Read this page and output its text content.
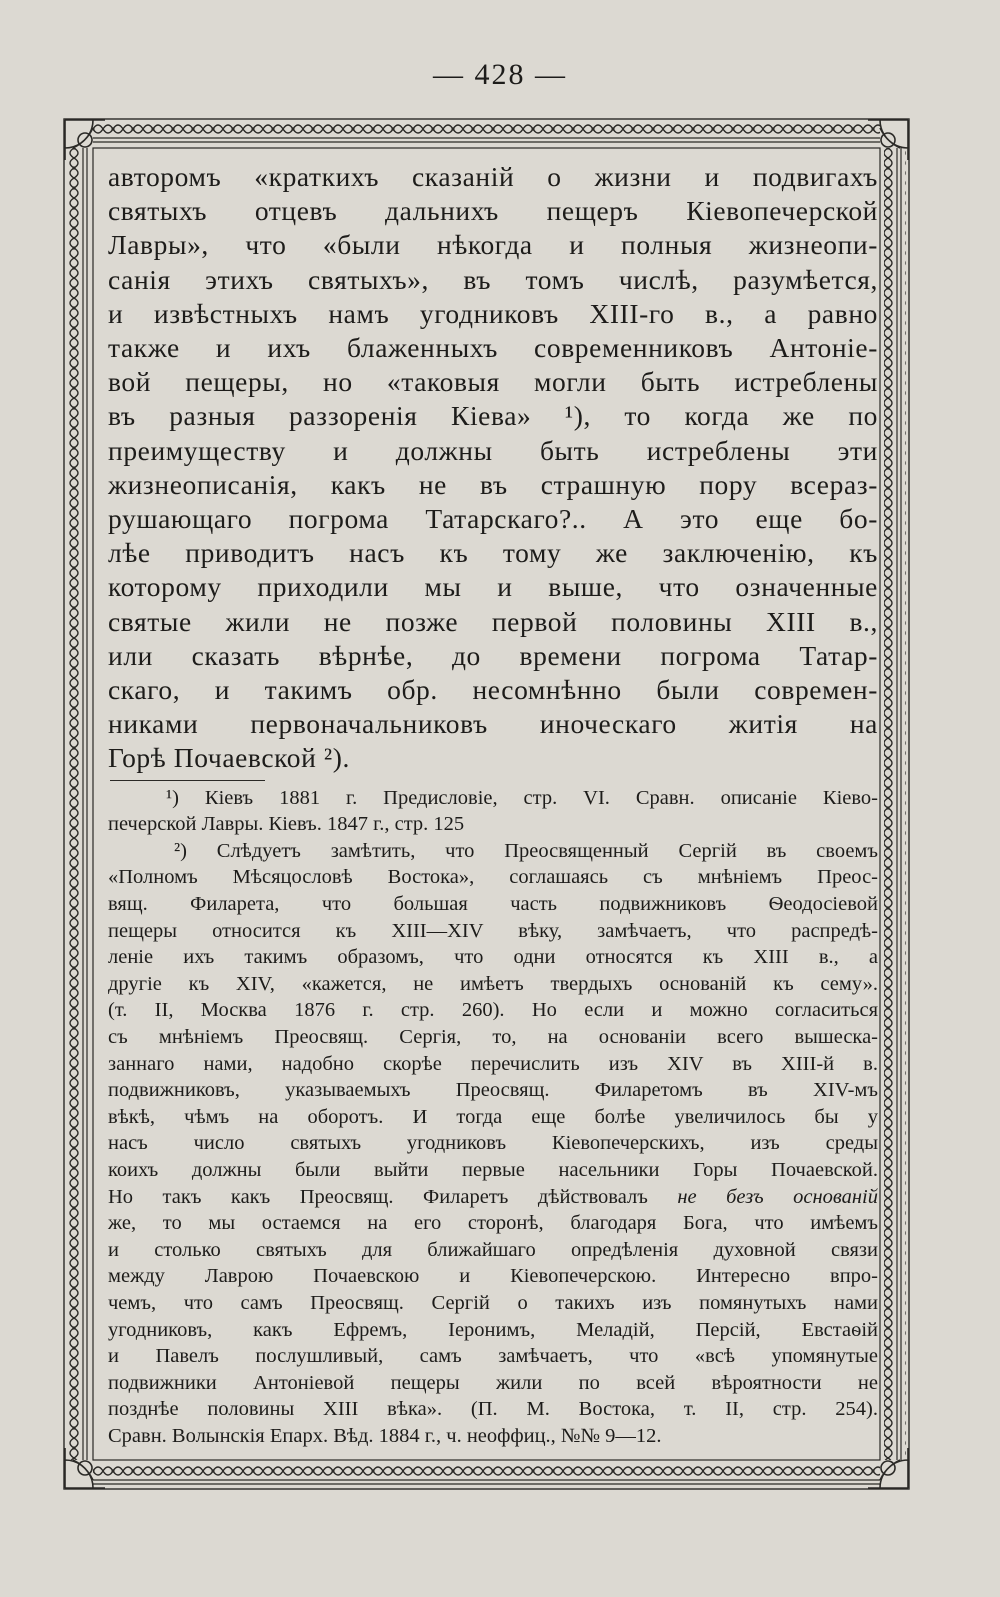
— 428 —
авторомъ «краткихъ сказаній о жизни и подвигахъ
святыхъ отцевъ дальнихъ пещеръ Кіевопечерской
Лавры», что «были нѣкогда и полныя жизнеопи-
санія этихъ святыхъ», въ томъ числѣ, разумѣется,
и извѣстныхъ намъ угодниковъ XIII-го в., а равно
также и ихъ блаженныхъ современниковъ Антоніе-
вой пещеры, но «таковыя могли быть истреблены
въ разныя раззоренія Кіева» ¹), то когда же по
преимуществу и должны быть истреблены эти
жизнеописанія, какъ не въ страшную пору всераз-
рушающаго погрома Татарскаго?.. А это еще бо-
лѣе приводитъ насъ къ тому же заключенію, къ
которому приходили мы и выше, что означенные
святые жили не позже первой половины XIII в.,
или сказать вѣрнѣе, до времени погрома Татар-
скаго, и такимъ обр. несомнѣнно были современ-
никами первоначальниковъ иноческаго житія на
Горѣ Почаевской ²).
¹) Кіевъ 1881 г. Предисловіе, стр. VI. Сравн. описаніе Кіево-
печерской Лавры. Кіевъ. 1847 г., стр. 125
²) Слѣдуетъ замѣтить, что Преосвященный Сергій въ своемъ
«Полномъ Мѣсяцословѣ Востока», соглашаясь съ мнѣніемъ Преос-
вящ. Филарета, что большая часть подвижниковъ Ѳеодосіевой
пещеры относится къ XIII—XIV вѣку, замѣчаетъ, что распредѣ-
леніе ихъ такимъ образомъ, что одни относятся къ XIII в., а
другіе къ XIV, «кажется, не имѣетъ твердыхъ основаній къ сему».
(т. II, Москва 1876 г. стр. 260). Но если и можно согласиться
съ мнѣніемъ Преосвящ. Сергія, то, на основаніи всего вышеска-
заннаго нами, надобно скорѣе перечислить изъ XIV въ XIII-й в.
подвижниковъ, указываемыхъ Преосвящ. Филаретомъ въ XIV-мъ
вѣкѣ, чѣмъ на оборотъ. И тогда еще болѣе увеличилось бы у
насъ число святыхъ угодниковъ Кіевопечерскихъ, изъ среды
коихъ должны были выйти первые насельники Горы Почаевской.
Но такъ какъ Преосвящ. Филаретъ дѣйствовалъ не безъ основаній
же, то мы остаемся на его сторонѣ, благодаря Бога, что имѣемъ
и столько святыхъ для ближайшаго опредѣленія духовной связи
между Лаврою Почаевскою и Кіевопечерскою. Интересно впро-
чемъ, что самъ Преосвящ. Сергій о такихъ изъ помянутыхъ нами
угодниковъ, какъ Ефремъ, Іеронимъ, Меладій, Персій, Евстаѳій
и Павелъ послушливый, самъ замѣчаетъ, что «всѣ упомянутые
подвижники Антоніевой пещеры жили по всей вѣроятности не
позднѣе половины XIII вѣка». (П. М. Востока, т. II, стр. 254).
Сравн. Волынскія Епарх. Вѣд. 1884 г., ч. неоффиц., №№ 9—12.
